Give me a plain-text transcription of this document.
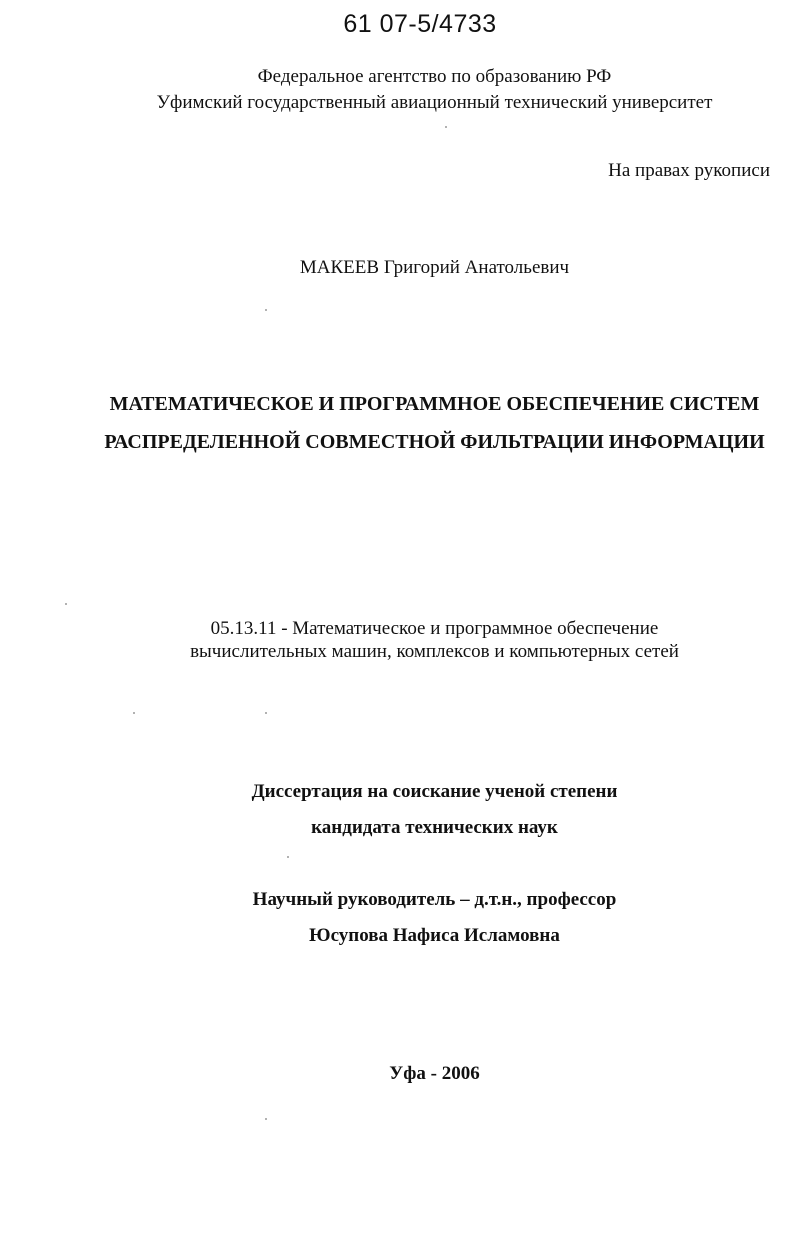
61 07-5/4733
Федеральное агентство по образованию РФ
Уфимский государственный авиационный технический университет
На правах рукописи
МАКЕЕВ Григорий Анатольевич
МАТЕМАТИЧЕСКОЕ И ПРОГРАММНОЕ ОБЕСПЕЧЕНИЕ СИСТЕМ
РАСПРЕДЕЛЕННОЙ СОВМЕСТНОЙ ФИЛЬТРАЦИИ ИНФОРМАЦИИ
05.13.11 - Математическое и программное обеспечение
вычислительных машин, комплексов и компьютерных сетей
Диссертация на соискание ученой степени
кандидата технических наук
Научный руководитель – д.т.н., профессор
Юсупова Нафиса Исламовна
Уфа - 2006
